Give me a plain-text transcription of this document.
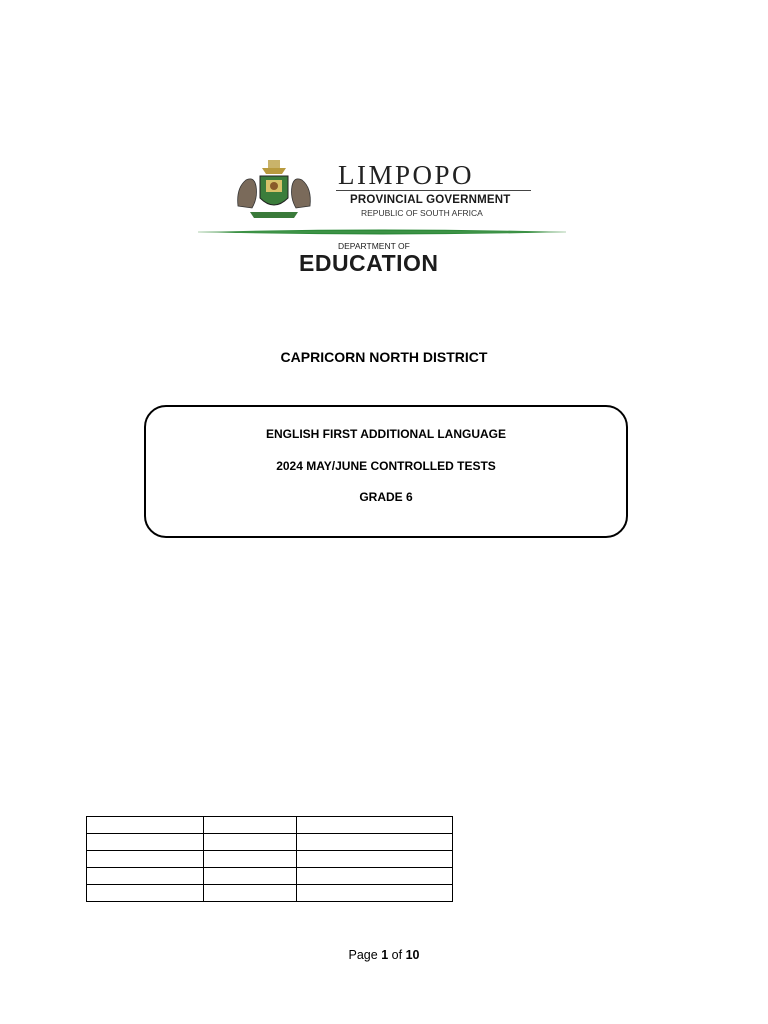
LIMPOPO
PROVINCIAL GOVERNMENT
REPUBLIC OF SOUTH AFRICA
DEPARTMENT OF
EDUCATION
CAPRICORN NORTH DISTRICT
ENGLISH FIRST ADDITIONAL LANGUAGE
2024 MAY/JUNE CONTROLLED TESTS
GRADE 6

Page 1 of 10
